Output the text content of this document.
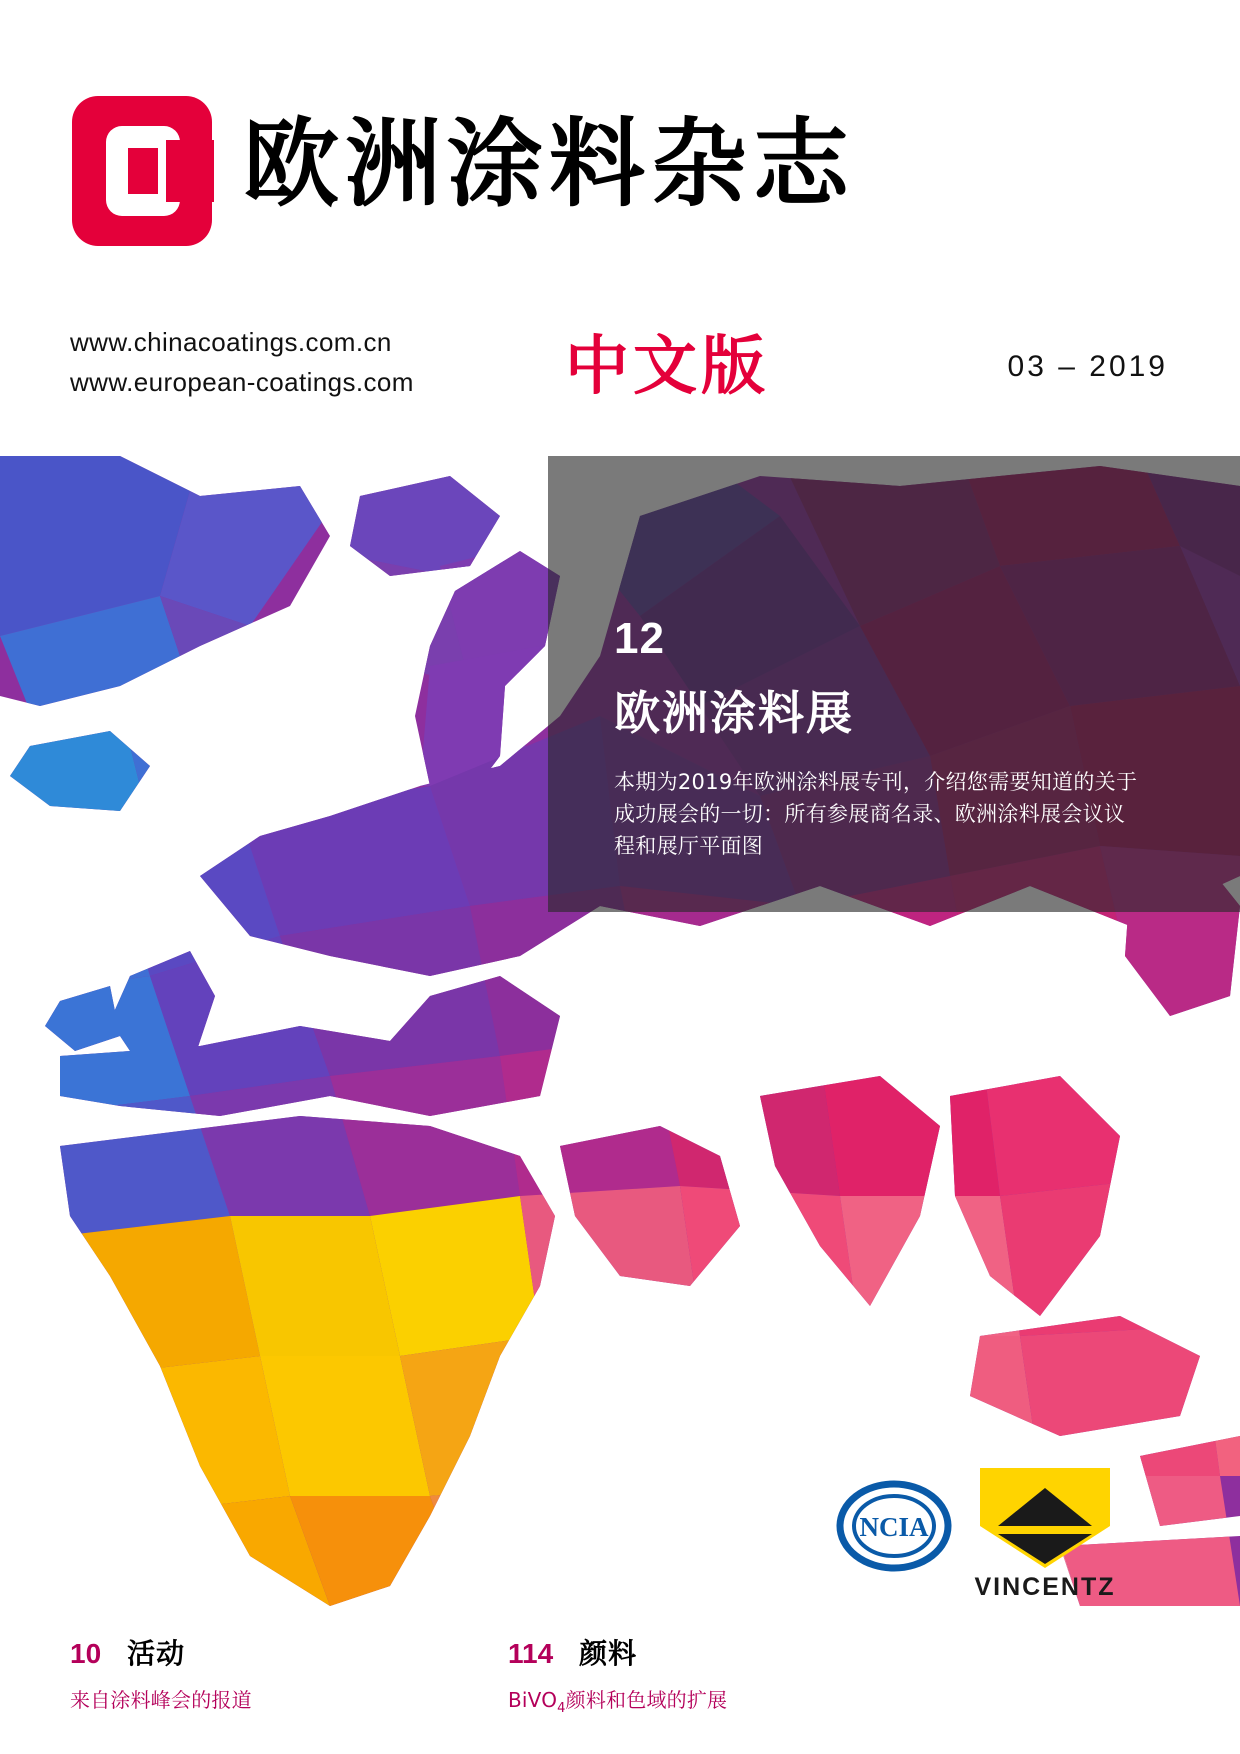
欧洲涂料杂志
www.chinacoatings.com.cn
www.european-coatings.com 中文版	03 – 2019
12
欧洲涂料展
本期为2019年欧洲涂料展专刊，介绍您需要知道的关于成功展会的一切：所有参展商名录、欧洲涂料展会议议程和展厅平面图
NCIA
VINCENTZ
10 活动
来自涂料峰会的报道
114 颜料
BiVO$_4$颜料和色域的扩展
